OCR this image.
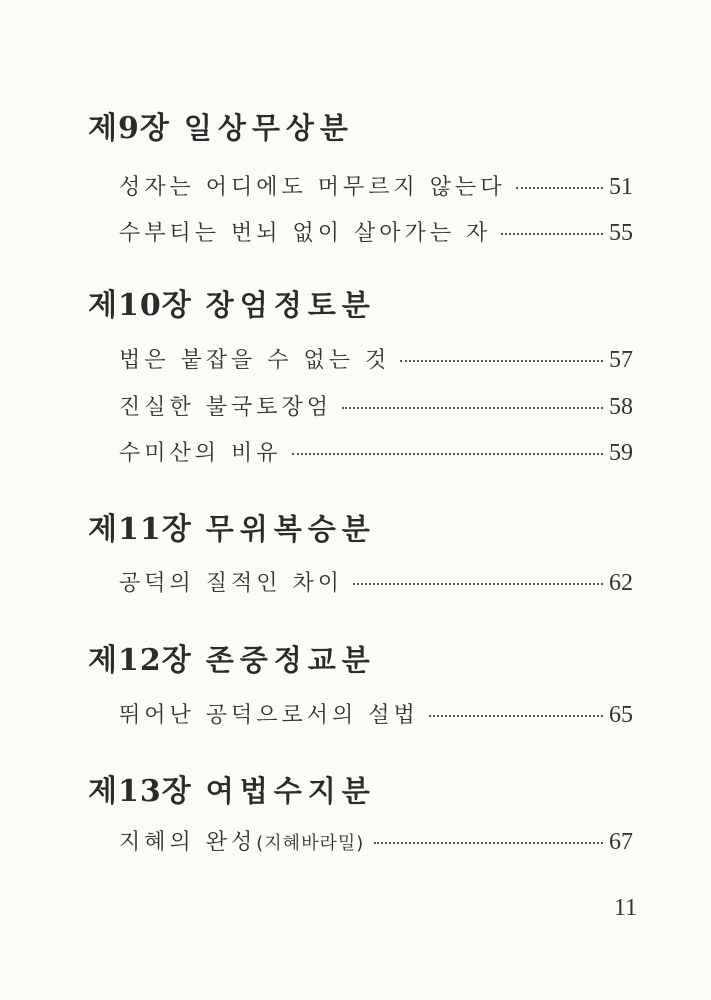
제9장 일상무상분
성자는 어디에도 머무르지 않는다	51
수부티는 번뇌 없이 살아가는 자	55
제10장 장엄정토분
법은 붙잡을 수 없는 것	57
진실한 불국토장엄	58
수미산의 비유	59
제11장 무위복승분
공덕의 질적인 차이	62
제12장 존중정교분
뛰어난 공덕으로서의 설법	65
제13장 여법수지분
지혜의 완성(지혜바라밀)	67
11
